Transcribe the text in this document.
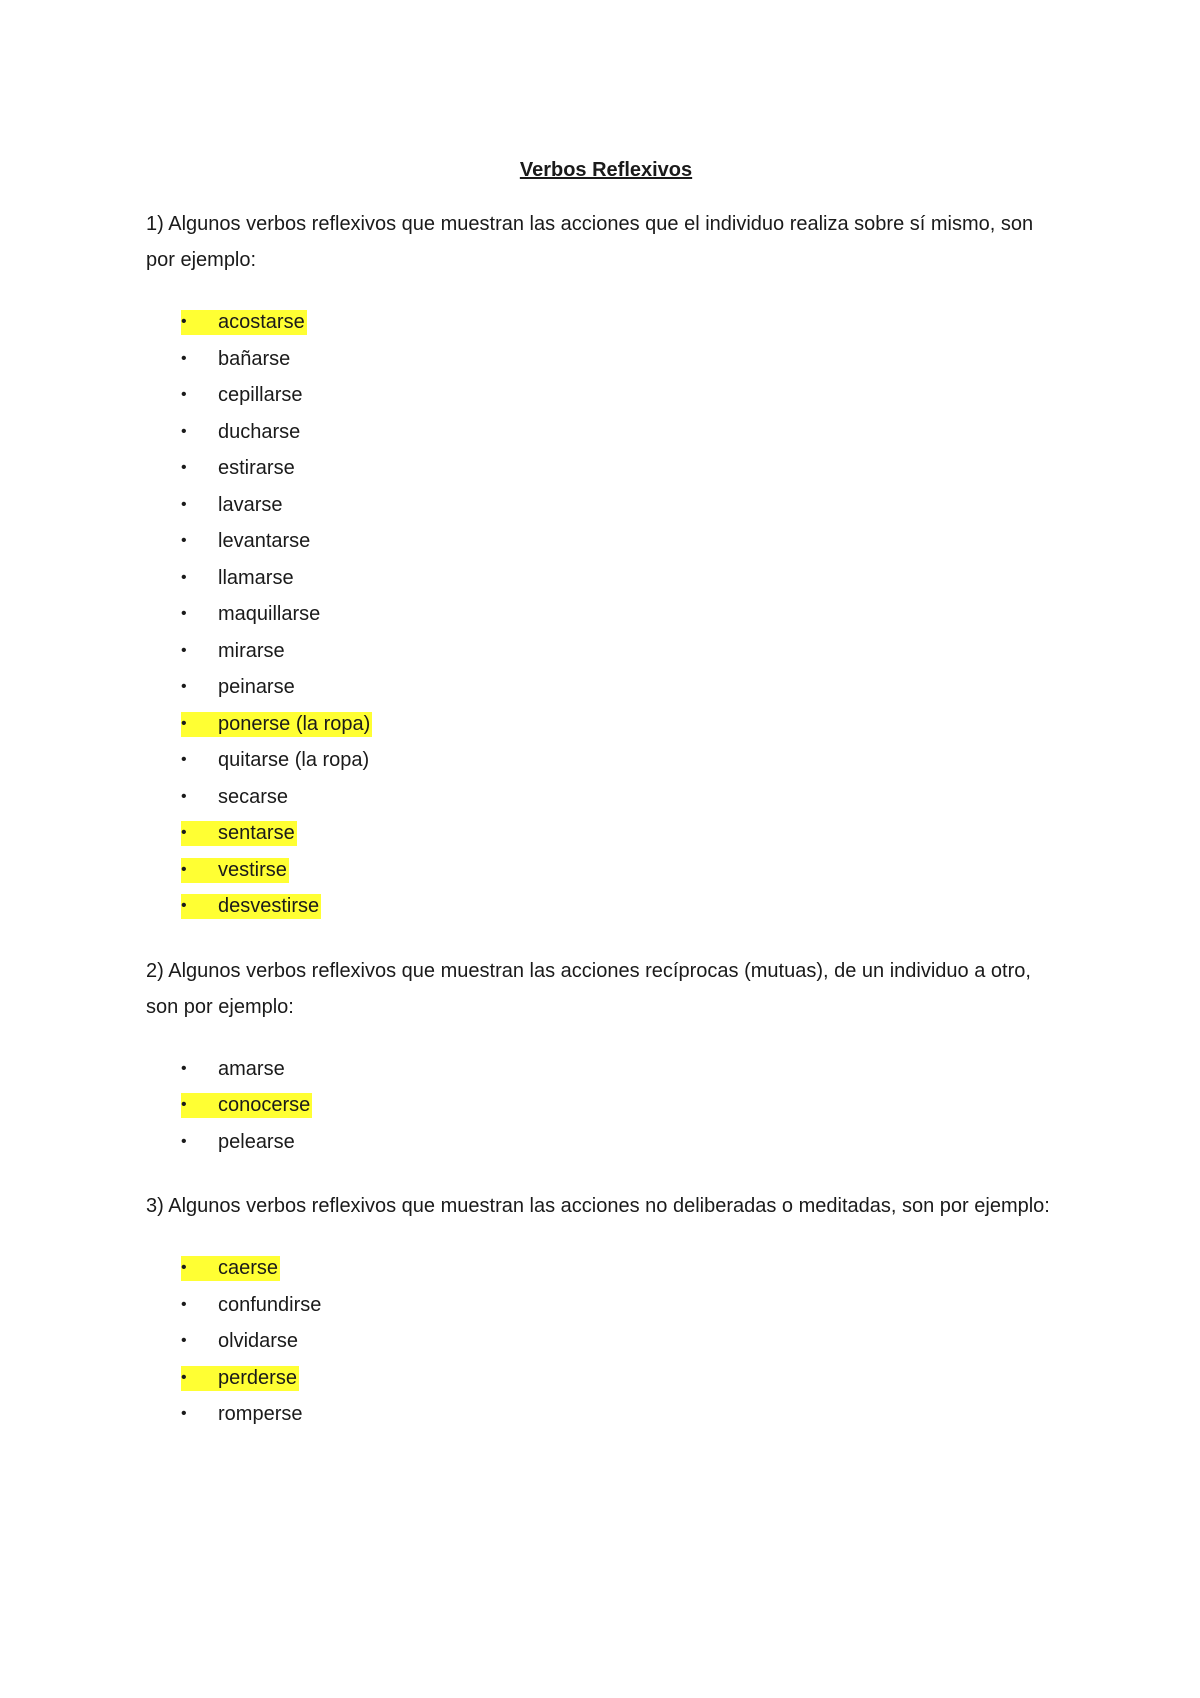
Verbos Reflexivos

1) Algunos verbos reflexivos que muestran las acciones que el individuo realiza sobre sí mismo, son por ejemplo:

• acostarse
• bañarse
• cepillarse
• ducharse
• estirarse
• lavarse
• levantarse
• llamarse
• maquillarse
• mirarse
• peinarse
• ponerse (la ropa)
• quitarse (la ropa)
• secarse
• sentarse
• vestirse
• desvestirse

2) Algunos verbos reflexivos que muestran las acciones recíprocas (mutuas), de un individuo a otro, son por ejemplo:

• amarse
• conocerse
• pelearse

3) Algunos verbos reflexivos que muestran las acciones no deliberadas o meditadas, son por ejemplo:

• caerse
• confundirse
• olvidarse
• perderse
• romperse
